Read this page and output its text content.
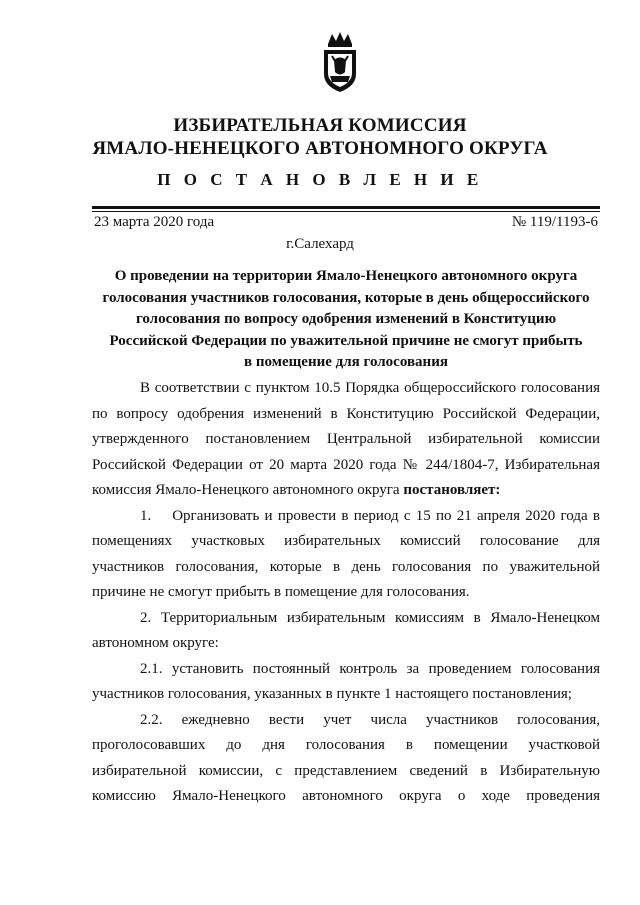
ИЗБИРАТЕЛЬНАЯ КОМИССИЯ
ЯМАЛО-НЕНЕЦКОГО АВТОНОМНОГО ОКРУГА
П О С Т А Н О В Л Е Н И Е
23 марта 2020 года	№ 119/1193-6
г.Салехард
О проведении на территории Ямало-Ненецкого автономного округа
голосования участников голосования, которые в день общероссийского
голосования по вопросу одобрения изменений в Конституцию
Российской Федерации по уважительной причине не смогут прибыть
в помещение для голосования

В соответствии с пунктом 10.5 Порядка общероссийского голосования

по вопросу одобрения изменений в Конституцию Российской Федерации,

утвержденного постановлением Центральной избирательной комиссии

Российской Федерации от 20 марта 2020 года № 244/1804-7, Избирательная

комиссия Ямало-Ненецкого автономного округа постановляет:

1.    Организовать и провести в период с 15 по 21 апреля 2020 года в

помещениях участковых избирательных комиссий голосование для

участников голосования, которые в день голосования по уважительной

причине не смогут прибыть в помещение для голосования.

2. Территориальным избирательным комиссиям в Ямало-Ненецком

автономном округе:

2.1. установить постоянный контроль за проведением голосования

участников голосования, указанных в пункте 1 настоящего постановления;

2.2. ежедневно вести учет числа участников голосования,

проголосовавших до дня голосования в помещении участковой

избирательной комиссии, с представлением сведений в Избирательную

комиссию Ямало-Ненецкого автономного округа о ходе проведения
